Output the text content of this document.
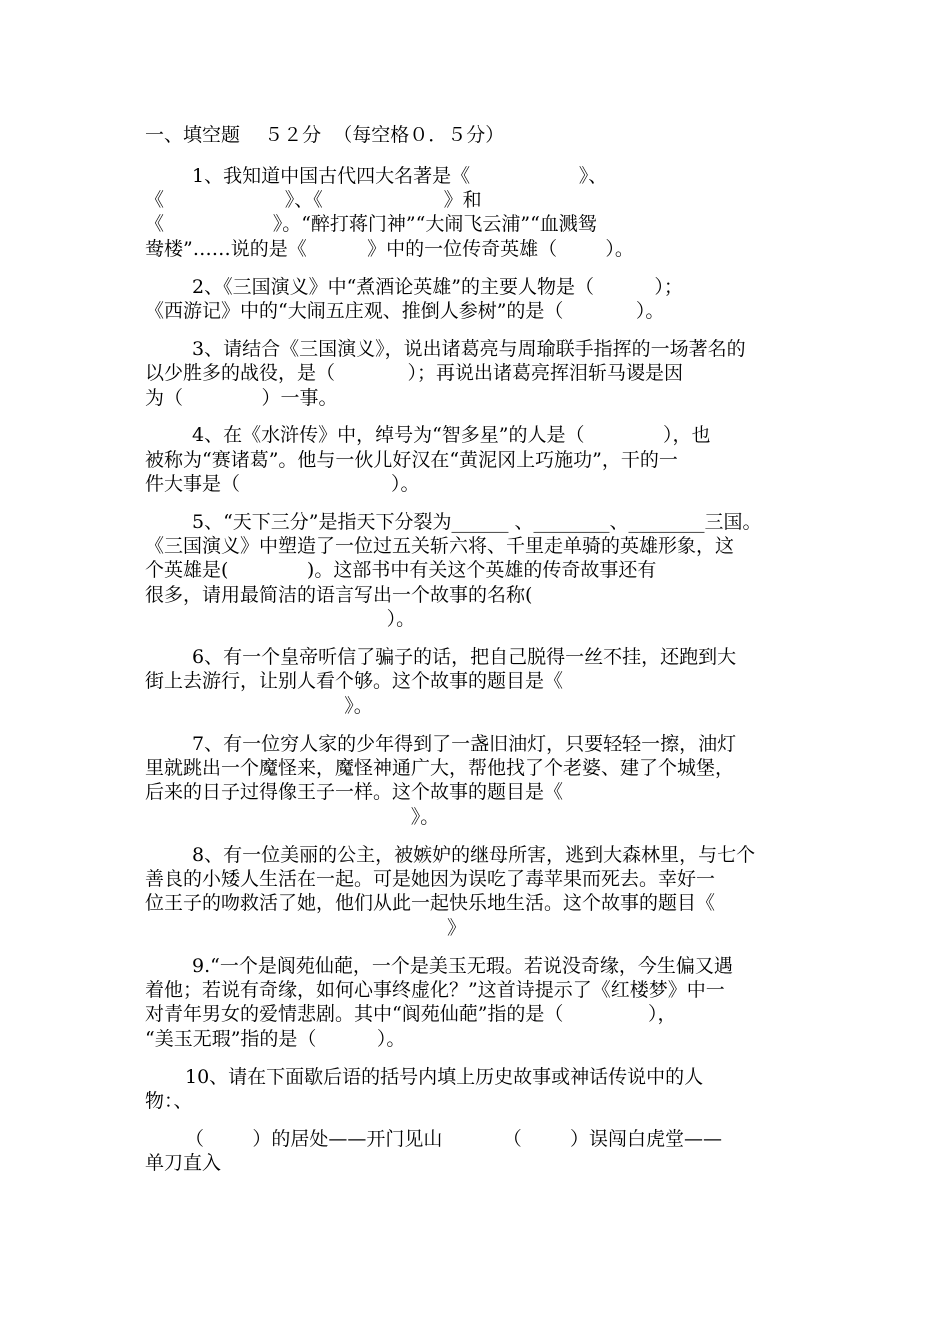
一、填空题    ５２分  （每空格０．５分）
1、我知道中国古代四大名著是《                  》、
《                    》、《                    》和
《                  》。“醉打蒋门神”“大闹飞云浦”“血溅鸳
鸯楼”……说的是《          》中的一位传奇英雄（        ）。
2、《三国演义》中“煮酒论英雄”的主要人物是（          ）；
《西游记》中的“大闹五庄观、推倒人参树”的是（            ）。
3、请结合《三国演义》，说出诸葛亮与周瑜联手指挥的一场著名的
以少胜多的战役，是（            ）；再说出诸葛亮挥泪斩马谡是因
为（             ）一事。
4、在《水浒传》中，绰号为“智多星”的人是（             ），也
被称为“赛诸葛”。他与一伙儿好汉在“黄泥冈上巧施功”，干的一
件大事是（                         ）。
5、“天下三分”是指天下分裂为______ 、________、________三国。
《三国演义》中塑造了一位过五关斩六将、千里走单骑的英雄形象，这
个英雄是(             )。这部书中有关这个英雄的传奇故事还有
很多，请用最简洁的语言写出一个故事的名称(
）。
6、有一个皇帝听信了骗子的话，把自己脱得一丝不挂，还跑到大
街上去游行，让别人看个够。这个故事的题目是《
》。
7、有一位穷人家的少年得到了一盏旧油灯，只要轻轻一擦，油灯
里就跳出一个魔怪来，魔怪神通广大，帮他找了个老婆、建了个城堡，
后来的日子过得像王子一样。这个故事的题目是《
》。
8、有一位美丽的公主，被嫉妒的继母所害，逃到大森林里，与七个
善良的小矮人生活在一起。可是她因为误吃了毒苹果而死去。幸好一
位王子的吻救活了她，他们从此一起快乐地生活。这个故事的题目《
》
9.“一个是阆苑仙葩，一个是美玉无瑕。若说没奇缘，今生偏又遇
着他；若说有奇缘，如何心事终虚化？”这首诗提示了《红楼梦》中一
对青年男女的爱情悲剧。其中“阆苑仙葩”指的是（              ），
“美玉无瑕”指的是（          ）。
10、请在下面歇后语的括号内填上历史故事或神话传说中的人
物：、
（        ）的居处——开门见山          （        ）误闯白虎堂——
单刀直入
